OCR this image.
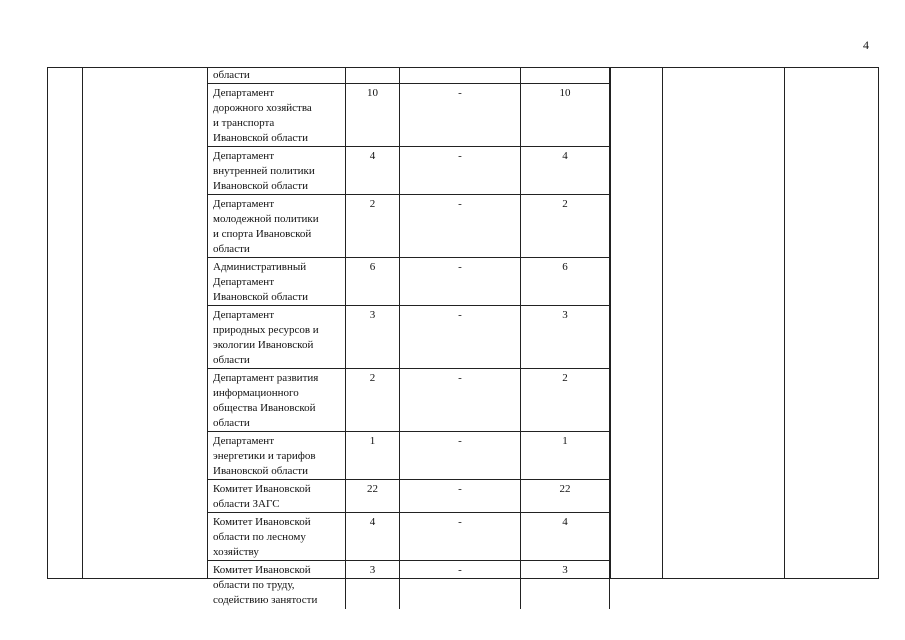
4
области
Департамент
дорожного хозяйства
и транспорта
Ивановской области
10	-	10
Департамент
внутренней политики
Ивановской области
4	-	4
Департамент
молодежной политики
и спорта Ивановской
области
2	-	2
Административный
Департамент
Ивановской области
6	-	6
Департамент
природных ресурсов и
экологии Ивановской
области
3	-	3
Департамент развития
информационного
общества Ивановской
области
2	-	2
Департамент
энергетики и тарифов
Ивановской области
1	-	1
Комитет Ивановской
области ЗАГС
22	-	22
Комитет Ивановской
области по лесному
хозяйству
4	-	4
Комитет Ивановской
области по труду,
содействию занятости
3	-	3
